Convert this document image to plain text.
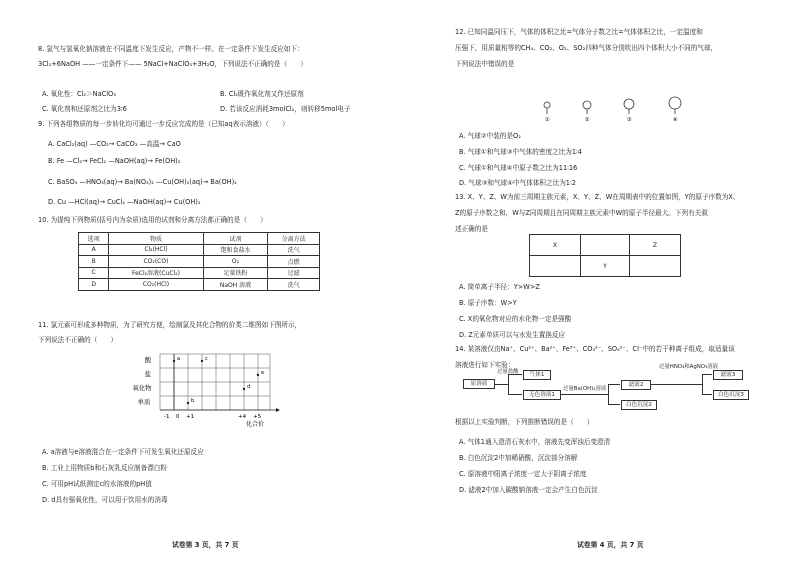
8. 氯气与氢氧化钠溶液在不同温度下发生反应，产物不一样。在一定条件下发生反应如下：
3Cl₂+6NaOH ——一定条件下—— 5NaCl+NaClO₃+3H₂O，下列说法不正确的是（　　）
A. 氧化性：Cl₂＞NaClO₃	B. Cl₂既作氧化剂又作还原剂
C. 氧化剂和还原剂之比为3∶6	D. 若该反应消耗3molCl₂，则转移5mol电子
9. 下列各组物质的每一步转化均可通过一步反应完成的是（已知aq表示溶液）（　　）
A. CaCl₂(aq) —CO₂→ CaCO₃ —高温→ CaO
B. Fe —Cl₂→ FeCl₂ —NaOH(aq)→ Fe(OH)₂
C. BaSO₄ —HNO₃(aq)→ Ba(NO₃)₂ —Cu(OH)₂(aq)→ Ba(OH)₂
D. Cu —HCl(aq)→ CuCl₂ —NaOH(aq)→ Cu(OH)₂
10. 为提纯下列物质(括号内为杂质)选用的试剂和分离方法都正确的是（　　）
选项	物质	试剂	分离方法
A	Cl₂(HCl)	饱和食盐水	洗气
B	CO₂(CO)	O₂	点燃
C	FeCl₂溶液(CuCl₂)	足量铁粉	过滤
D	CO₂(HCl)	NaOH 溶液	洗气
11. 氯元素可形成多种物质，为了研究方便，绘制氯及其化合物的价类二维图如下图所示，
下列说法不正确的（　　）
酸
盐
氧化物
单质
a
b
c
d
e
-1 0 +1	+4 +5
化合价
A. a溶液与e溶液混合在一定条件下可发生氧化还原反应
B. 工业上用物质b和石灰乳反应制备漂白粉
C. 可用pH试纸测定c的水溶液的pH值
D. d具有强氧化性，可以用于饮用水的消毒
试卷第 3 页，共 7 页
12. 已知同温同压下，气体的体积之比=气体分子数之比=气体体积之比，一定温度和
压强下，用质量相等的CH₄、CO₂、O₂、SO₂四种气体分别吹出四个体积大小不同的气球，
下列说法中错误的是
①	②	③	④
A. 气球②中装的是O₂
B. 气球①和气球③中气体的密度之比为1∶4
C. 气球①和气球④中原子数之比为11∶16
D. 气球③和气球④中气体体积之比为1∶2
13. X、Y、Z、W为前三周期主族元素，X、Y、Z、W在周期表中的位置如图，Y的原子序数为X、
Z的原子序数之和，W与Z同周期且在同周期主族元素中W的原子半径最大。下列有关叙
述正确的是
X		Z
	Y	
A. 简单离子半径：Y>W>Z
B. 原子序数：W>Y
C. X的氧化物对应的水化物一定是强酸
D. Z元素单质可以与水发生置换反应
14. 某溶液仅由Na⁺、Cu²⁺、Ba²⁺、Fe³⁺、CO₃²⁻、SO₄²⁻、Cl⁻中的若干种离子组成，取适量该
溶液进行如下实验：
原溶液
过量盐酸	气体1
无色溶液1
过量Ba(OH)₂溶液
滤液2
白色沉淀2
过量HNO₃和AgNO₃溶液
滤液3
白色沉淀3
根据以上实验判断，下列推断错误的是（　　）
A. 气体1通入澄清石灰水中，溶液先变浑浊后变澄清
B. 白色沉淀2中加稀硝酸，沉淀部分溶解
C. 原溶液中阳离子浓度一定大于阴离子浓度
D. 滤液2中加入碳酸钠溶液一定会产生白色沉淀
试卷第 4 页，共 7 页
